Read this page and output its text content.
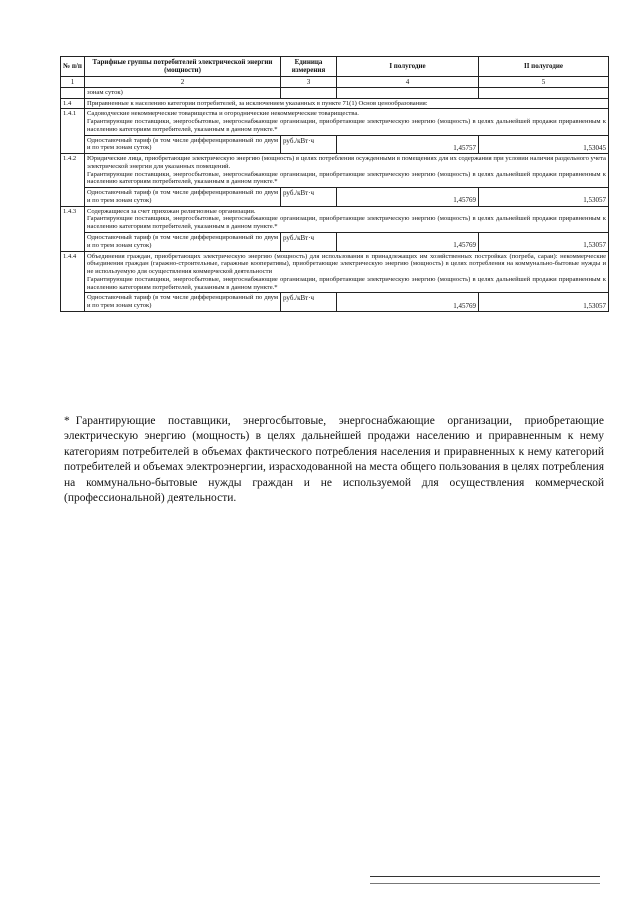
№ п/п	Тарифные группы потребителей электрической энергии (мощности)	Единица измерения	I полугодие	II полугодие
1	2	3	4	5
	зонам суток)			
1.4	Приравненные к населению категории потребителей, за исключением указанных в пункте 71(1) Основ ценообразования:			
1.4.1	Садоводческие некоммерческие товарищества и огороднические некоммерческие товарищества.
Гарантирующие поставщики, энергосбытовые, энергоснабжающие организации, приобретающие электрическую энергию (мощность) в целях дальнейшей продажи приравненным к населению категориям потребителей, указанным в данном пункте.*			

	Одноставочный тариф (в том числе дифференцированный по двум и по трем зонам суток)	руб./кВт·ч	1,45757	1,53045
1.4.2	Юридические лица, приобретающие электрическую энергию (мощность) в целях потребления осужденными в помещениях для их содержания при условии наличия раздельного учета электрической энергии для указанных помещений.
Гарантирующие поставщики, энергосбытовые, энергоснабжающие организации, приобретающие электрическую энергию (мощность) в целях дальнейшей продажи приравненным к населению категориям потребителей, указанным в данном пункте.*			

	Одноставочный тариф (в том числе дифференцированный по двум и по трем зонам суток)	руб./кВт·ч	1,45769	1,53057
1.4.3	Содержащиеся за счет прихожан религиозные организации.
Гарантирующие поставщики, энергосбытовые, энергоснабжающие организации, приобретающие электрическую энергию (мощность) в целях дальнейшей продажи приравненным к населению категориям потребителей, указанным в данном пункте.*			

	Одноставочный тариф (в том числе дифференцированный по двум и по трем зонам суток)	руб./кВт·ч	1,45769	1,53057
1.4.4	Объединения граждан, приобретающих электрическую энергию (мощность) для использования в принадлежащих им хозяйственных постройках (погреба, сараи): некоммерческие объединения граждан (гаражно-строительные, гаражные кооперативы), приобретающие электрическую энергию (мощность) в целях потребления на коммунально-бытовые нужды и не используемую для осуществления коммерческой деятельности
Гарантирующие поставщики, энергосбытовые, энергоснабжающие организации, приобретающие электрическую энергию (мощность) в целях дальнейшей продажи приравненным к населению категориям потребителей, указанным в данном пункте.*			

	Одноставочный тариф (в том числе дифференцированный по двум и по трем зонам суток)	руб./кВт·ч	1,45769	1,53057
* Гарантирующие поставщики, энергосбытовые, энергоснабжающие организации, приобретающие электрическую энергию (мощность) в целях дальнейшей продажи населению и приравненным к нему категориям потребителей в объемах фактического потребления населения и приравненных к нему категорий потребителей и объемах электроэнергии, израсходованной на места общего пользования в целях потребления на коммунально-бытовые нужды граждан и не используемой для осуществления коммерческой (профессиональной) деятельности.
